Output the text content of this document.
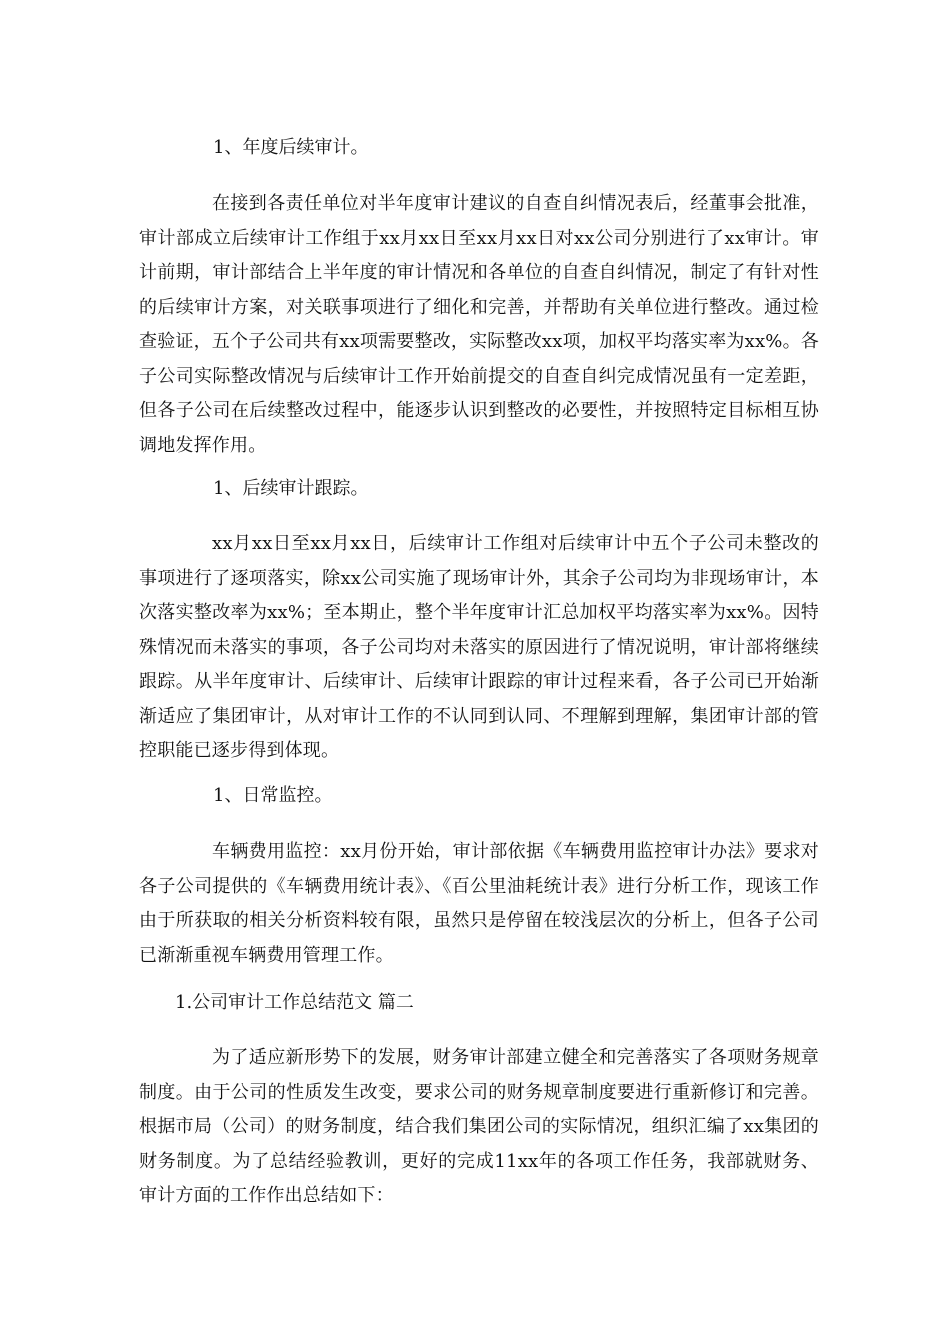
1、年度后续审计。

在接到各责任单位对半年度审计建议的自查自纠情况表后，经董事会批准，审计部成立后续审计工作组于xx月xx日至xx月xx日对xx公司分别进行了xx审计。审计前期，审计部结合上半年度的审计情况和各单位的自查自纠情况，制定了有针对性的后续审计方案，对关联事项进行了细化和完善，并帮助有关单位进行整改。通过检查验证，五个子公司共有xx项需要整改，实际整改xx项，加权平均落实率为xx%。各子公司实际整改情况与后续审计工作开始前提交的自查自纠完成情况虽有一定差距，但各子公司在后续整改过程中，能逐步认识到整改的必要性，并按照特定目标相互协调地发挥作用。

1、后续审计跟踪。

xx月xx日至xx月xx日，后续审计工作组对后续审计中五个子公司未整改的事项进行了逐项落实，除xx公司实施了现场审计外，其余子公司均为非现场审计，本次落实整改率为xx%；至本期止，整个半年度审计汇总加权平均落实率为xx%。因特殊情况而未落实的事项，各子公司均对未落实的原因进行了情况说明，审计部将继续跟踪。从半年度审计、后续审计、后续审计跟踪的审计过程来看，各子公司已开始渐渐适应了集团审计，从对审计工作的不认同到认同、不理解到理解，集团审计部的管控职能已逐步得到体现。

1、日常监控。

车辆费用监控：xx月份开始，审计部依据《车辆费用监控审计办法》要求对各子公司提供的《车辆费用统计表》、《百公里油耗统计表》进行分析工作，现该工作由于所获取的相关分析资料较有限，虽然只是停留在较浅层次的分析上，但各子公司已渐渐重视车辆费用管理工作。

1.公司审计工作总结范文 篇二

为了适应新形势下的发展，财务审计部建立健全和完善落实了各项财务规章制度。由于公司的性质发生改变，要求公司的财务规章制度要进行重新修订和完善。根据市局（公司）的财务制度，结合我们集团公司的实际情况，组织汇编了xx集团的财务制度。为了总结经验教训，更好的完成11xx年的各项工作任务，我部就财务、审计方面的工作作出总结如下：
